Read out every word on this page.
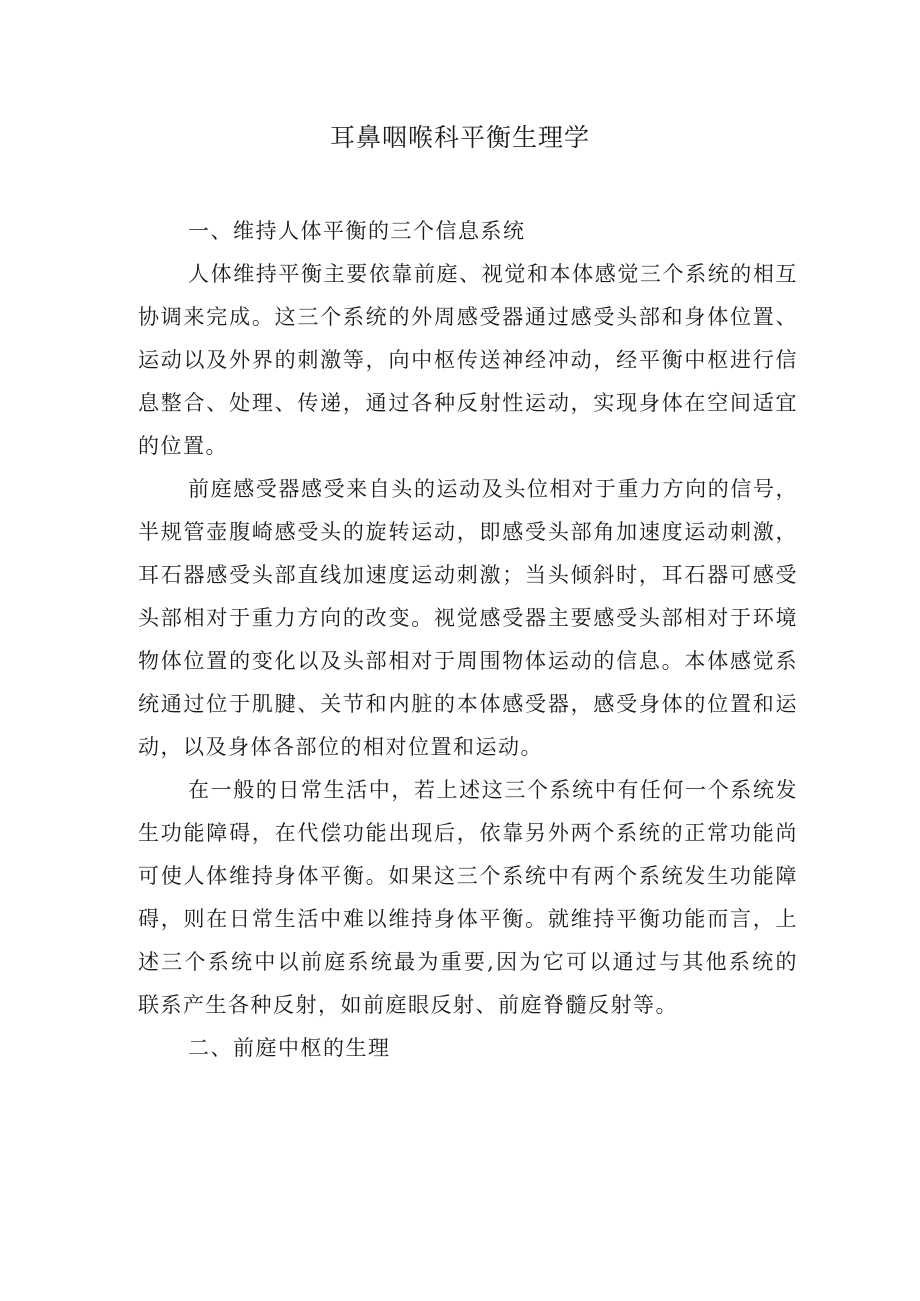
耳鼻咽喉科平衡生理学
一、维持人体平衡的三个信息系统

人体维持平衡主要依靠前庭、视觉和本体感觉三个系统的相互协调来完成。这三个系统的外周感受器通过感受头部和身体位置、运动以及外界的刺激等，向中枢传送神经冲动，经平衡中枢进行信息整合、处理、传递，通过各种反射性运动，实现身体在空间适宜的位置。

前庭感受器感受来自头的运动及头位相对于重力方向的信号，半规管壶腹崎感受头的旋转运动，即感受头部角加速度运动刺激，耳石器感受头部直线加速度运动刺激；当头倾斜时，耳石器可感受头部相对于重力方向的改变。视觉感受器主要感受头部相对于环境物体位置的变化以及头部相对于周围物体运动的信息。本体感觉系统通过位于肌腱、关节和内脏的本体感受器，感受身体的位置和运动，以及身体各部位的相对位置和运动。

在一般的日常生活中，若上述这三个系统中有任何一个系统发生功能障碍，在代偿功能出现后，依靠另外两个系统的正常功能尚可使人体维持身体平衡。如果这三个系统中有两个系统发生功能障碍，则在日常生活中难以维持身体平衡。就维持平衡功能而言，上述三个系统中以前庭系统最为重要,因为它可以通过与其他系统的联系产生各种反射，如前庭眼反射、前庭脊髓反射等。

二、前庭中枢的生理
